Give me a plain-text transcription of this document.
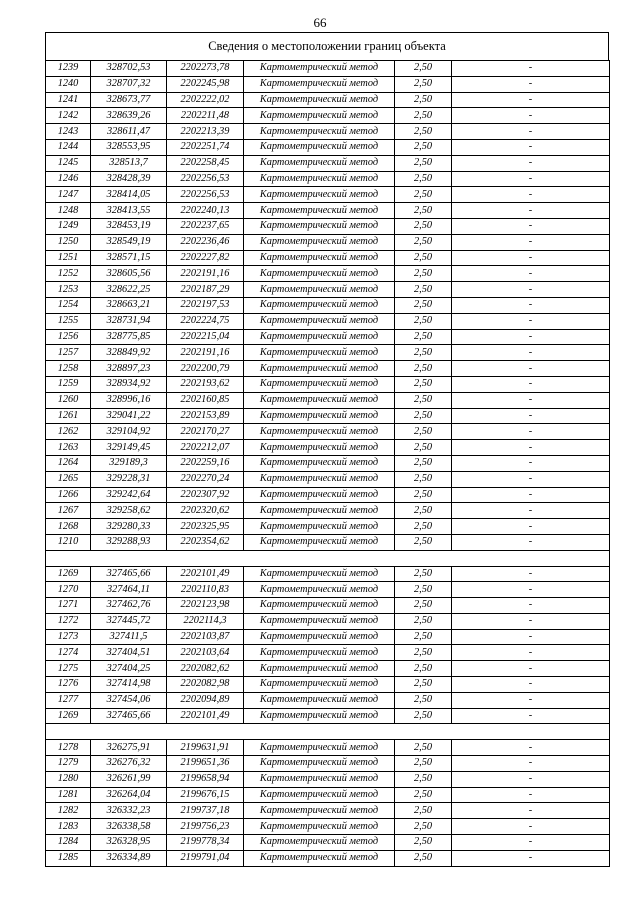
66
Сведения о местоположении границ объекта
1239	328702,53	2202273,78	Картометрический метод	2,50	-
1240	328707,32	2202245,98	Картометрический метод	2,50	-
1241	328673,77	2202222,02	Картометрический метод	2,50	-
1242	328639,26	2202211,48	Картометрический метод	2,50	-
1243	328611,47	2202213,39	Картометрический метод	2,50	-
1244	328553,95	2202251,74	Картометрический метод	2,50	-
1245	328513,7	2202258,45	Картометрический метод	2,50	-
1246	328428,39	2202256,53	Картометрический метод	2,50	-
1247	328414,05	2202256,53	Картометрический метод	2,50	-
1248	328413,55	2202240,13	Картометрический метод	2,50	-
1249	328453,19	2202237,65	Картометрический метод	2,50	-
1250	328549,19	2202236,46	Картометрический метод	2,50	-
1251	328571,15	2202227,82	Картометрический метод	2,50	-
1252	328605,56	2202191,16	Картометрический метод	2,50	-
1253	328622,25	2202187,29	Картометрический метод	2,50	-
1254	328663,21	2202197,53	Картометрический метод	2,50	-
1255	328731,94	2202224,75	Картометрический метод	2,50	-
1256	328775,85	2202215,04	Картометрический метод	2,50	-
1257	328849,92	2202191,16	Картометрический метод	2,50	-
1258	328897,23	2202200,79	Картометрический метод	2,50	-
1259	328934,92	2202193,62	Картометрический метод	2,50	-
1260	328996,16	2202160,85	Картометрический метод	2,50	-
1261	329041,22	2202153,89	Картометрический метод	2,50	-
1262	329104,92	2202170,27	Картометрический метод	2,50	-
1263	329149,45	2202212,07	Картометрический метод	2,50	-
1264	329189,3	2202259,16	Картометрический метод	2,50	-
1265	329228,31	2202270,24	Картометрический метод	2,50	-
1266	329242,64	2202307,92	Картометрический метод	2,50	-
1267	329258,62	2202320,62	Картометрический метод	2,50	-
1268	329280,33	2202325,95	Картометрический метод	2,50	-
1210	329288,93	2202354,62	Картометрический метод	2,50	-

1269	327465,66	2202101,49	Картометрический метод	2,50	-
1270	327464,11	2202110,83	Картометрический метод	2,50	-
1271	327462,76	2202123,98	Картометрический метод	2,50	-
1272	327445,72	2202114,3	Картометрический метод	2,50	-
1273	327411,5	2202103,87	Картометрический метод	2,50	-
1274	327404,51	2202103,64	Картометрический метод	2,50	-
1275	327404,25	2202082,62	Картометрический метод	2,50	-
1276	327414,98	2202082,98	Картометрический метод	2,50	-
1277	327454,06	2202094,89	Картометрический метод	2,50	-
1269	327465,66	2202101,49	Картометрический метод	2,50	-

1278	326275,91	2199631,91	Картометрический метод	2,50	-
1279	326276,32	2199651,36	Картометрический метод	2,50	-
1280	326261,99	2199658,94	Картометрический метод	2,50	-
1281	326264,04	2199676,15	Картометрический метод	2,50	-
1282	326332,23	2199737,18	Картометрический метод	2,50	-
1283	326338,58	2199756,23	Картометрический метод	2,50	-
1284	326328,95	2199778,34	Картометрический метод	2,50	-
1285	326334,89	2199791,04	Картометрический метод	2,50	-
